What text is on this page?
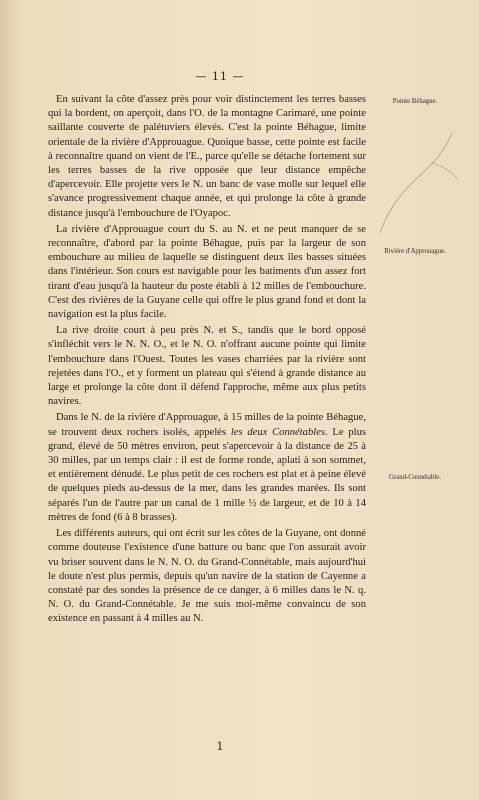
— 11 —

En suivant la côte d'assez près pour voir distinctement les terres basses qui la bordent, on aperçoit, dans l'O. de la montagne Carimaré, une pointe saillante couverte de palétuviers élevés. C'est la pointe Béhague, limite orientale de la rivière d'Approuague. Quoique basse, cette pointe est facile à reconnaître quand on vient de l'E., parce qu'elle se détache fortement sur les terres basses de la rive opposée que leur distance empêche d'apercevoir. Elle projette vers le N. un banc de vase molle sur lequel elle s'avance progressivement chaque année, et qui prolonge la côte à grande distance jusqu'à l'embouchure de l'Oyapoc.

La rivière d'Approuague court du S. au N. et ne peut manquer de se reconnaître, d'abord par la pointe Béhague, puis par la largeur de son embouchure au milieu de laquelle se distinguent deux îles basses situées dans l'intérieur. Son cours est navigable pour les batiments d'un assez fort tirant d'eau jusqu'à la hauteur du poste établi à 12 milles de l'embouchure. C'est des rivières de la Guyane celle qui offre le plus grand fond et dont la navigation est la plus facile.

La rive droite court à peu près N. et S., tandis que le bord opposé s'infléchit vers le N. N. O., et le N. O. n'offrant aucune pointe qui limite l'embouchure dans l'Ouest. Toutes les vases charriées par la rivière sont rejetées dans l'O., et y forment un plateau qui s'étend à grande distance au large et prolonge la côte dont il défend l'approche, même aux plus petits navires.

Dans le N. de la rivière d'Approuague, à 15 milles de la pointe Béhague, se trouvent deux rochers isolés, appelés les deux Connétables. Le plus grand, élevé de 50 mètres environ, peut s'apercevoir à la distance de 25 à 30 milles, par un temps clair : il est de forme ronde, aplati à son sommet, et entièrement dénudé. Le plus petit de ces rochers est plat et à peine élevé de quelques pieds au-dessus de la mer, dans les grandes marées. Ils sont séparés l'un de l'autre par un canal de 1 mille ½ de largeur, et de 10 à 14 mètres de fond (6 à 8 brasses).

Les différents auteurs, qui ont écrit sur les côtes de la Guyane, ont donné comme douteuse l'existence d'une batture ou banc que l'on assurait avoir vu briser souvent dans le N. N. O. du Grand-Connétable, mais aujourd'hui le doute n'est plus permis, depuis qu'un navire de la station de Cayenne a constaté par des sondes la présence de ce danger, à 6 milles dans le N. q. N. O. du Grand-Connétable. Je me suis moi-même convaincu de son existence en passant à 4 milles au N.

Pointe Béhague.
Rivière d'Approuague.
Grand-Connétable.
1
